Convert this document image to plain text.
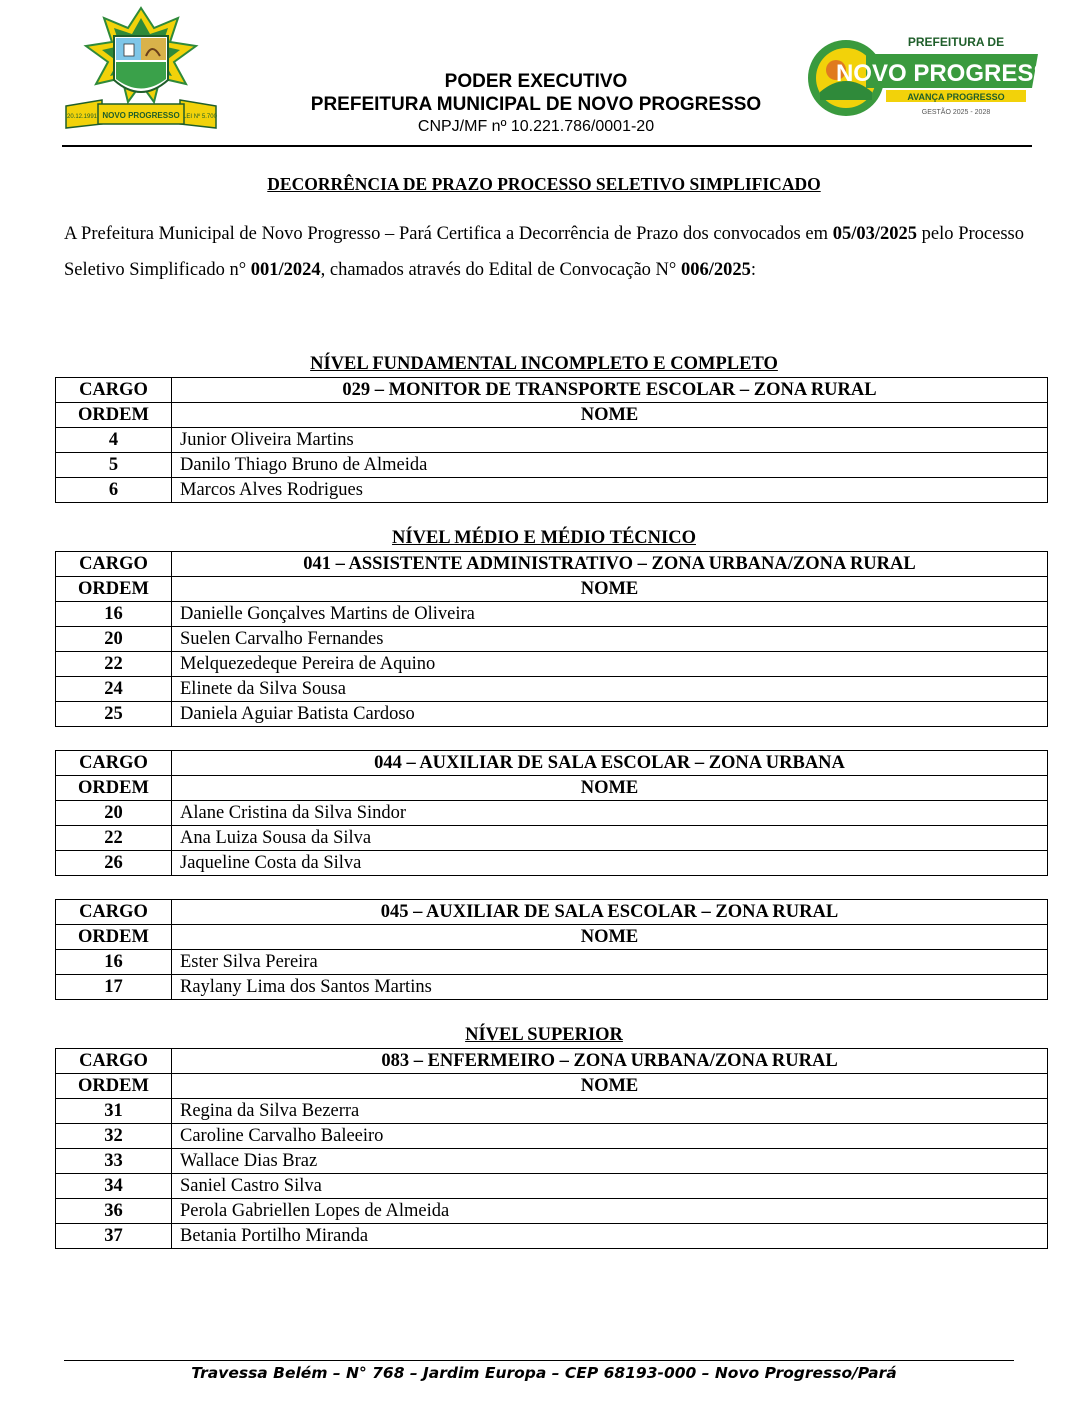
NOVO PROGRESSO
20.12.1991	LEI Nº 5.700
PODER EXECUTIVO
PREFEITURA MUNICIPAL DE NOVO PROGRESSO
CNPJ/MF nº 10.221.786/0001-20
PREFEITURA DE
NOVO PROGRESSO
AVANÇA PROGRESSO
GESTÃO 2025 - 2028
DECORRÊNCIA DE PRAZO PROCESSO SELETIVO SIMPLIFICADO
A Prefeitura Municipal de Novo Progresso – Pará Certifica a Decorrência de Prazo dos convocados em 05/03/2025 pelo Processo Seletivo Simplificado n° 001/2024, chamados através do Edital de Convocação N° 006/2025:
NÍVEL FUNDAMENTAL INCOMPLETO E COMPLETO
CARGO	029 – MONITOR DE TRANSPORTE ESCOLAR – ZONA RURAL
ORDEM	NOME
4	Junior Oliveira Martins
5	Danilo Thiago Bruno de Almeida
6	Marcos Alves Rodrigues
NÍVEL MÉDIO E MÉDIO TÉCNICO
CARGO	041 – ASSISTENTE ADMINISTRATIVO – ZONA URBANA/ZONA RURAL
ORDEM	NOME
16	Danielle Gonçalves Martins de Oliveira
20	Suelen Carvalho Fernandes
22	Melquezedeque Pereira de Aquino
24	Elinete da Silva Sousa
25	Daniela Aguiar Batista Cardoso
CARGO	044 – AUXILIAR DE SALA ESCOLAR – ZONA URBANA
ORDEM	NOME
20	Alane Cristina da Silva Sindor
22	Ana Luiza Sousa da Silva
26	Jaqueline Costa da Silva
CARGO	045 – AUXILIAR DE SALA ESCOLAR – ZONA RURAL
ORDEM	NOME
16	Ester Silva Pereira
17	Raylany Lima dos Santos Martins
NÍVEL SUPERIOR
CARGO	083 – ENFERMEIRO – ZONA URBANA/ZONA RURAL
ORDEM	NOME
31	Regina da Silva Bezerra
32	Caroline Carvalho Baleeiro
33	Wallace Dias Braz
34	Saniel Castro Silva
36	Perola Gabriellen Lopes de Almeida
37	Betania Portilho Miranda
Travessa Belém – N° 768 – Jardim Europa – CEP 68193-000 – Novo Progresso/Pará
